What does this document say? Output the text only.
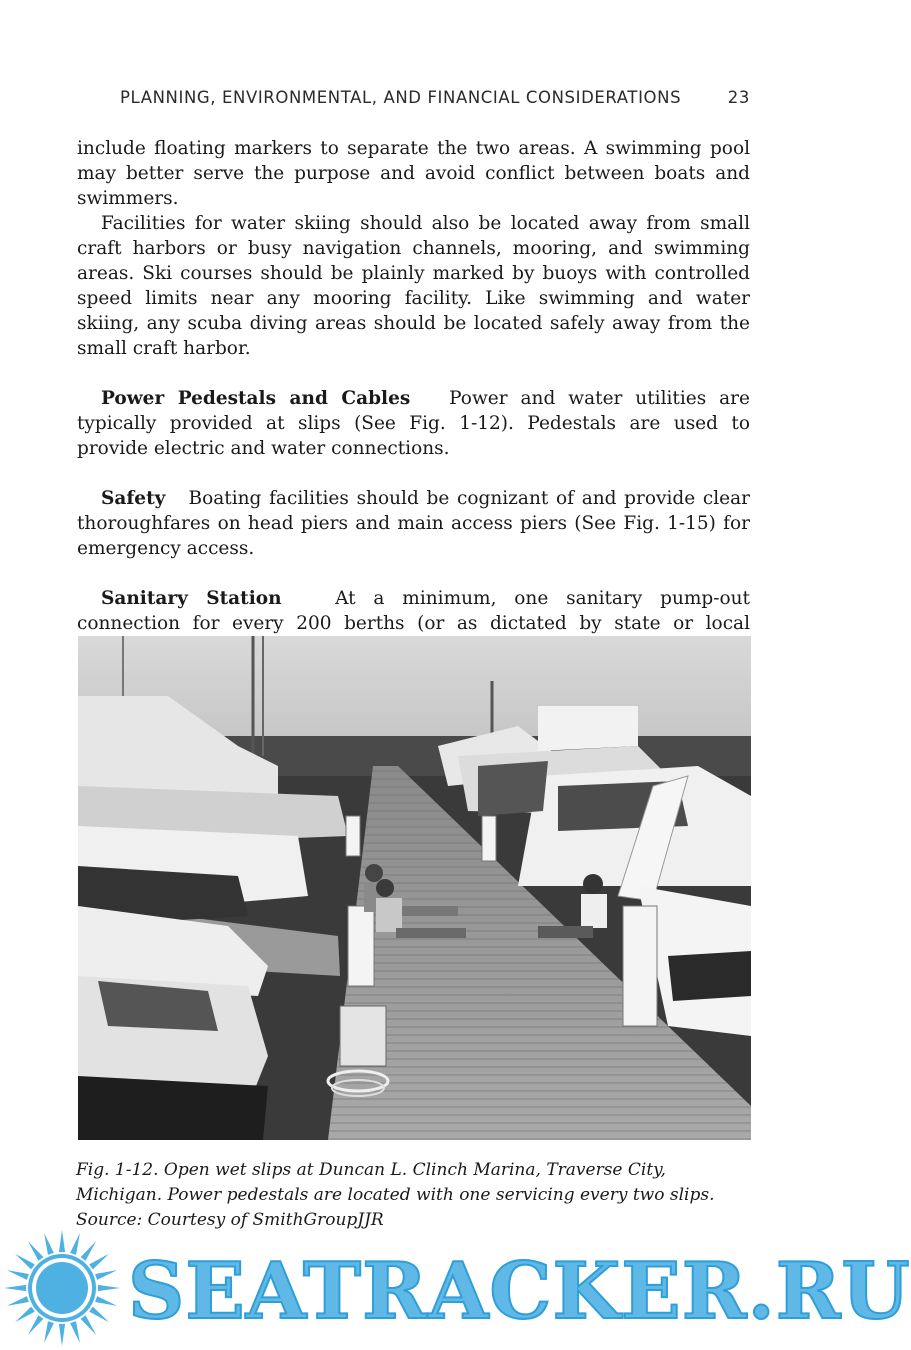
PLANNING, ENVIRONMENTAL, AND FINANCIAL CONSIDERATIONS	23

include floating markers to separate the two areas. A swimming pool may better serve the purpose and avoid conflict between boats and swimmers.

Facilities for water skiing should also be located away from small craft harbors or busy navigation channels, mooring, and swimming areas. Ski courses should be plainly marked by buoys with controlled speed limits near any mooring facility. Like swimming and water skiing, any scuba diving areas should be located safely away from the small craft harbor.

Power Pedestals and Cables Power and water utilities are typically provided at slips (See Fig. 1-12). Pedestals are used to provide electric and water connections.

Safety Boating facilities should be cognizant of and provide clear thoroughfares on head piers and main access piers (See Fig. 1-15) for emergency access.

Sanitary Station	At a minimum, one sanitary pump-out connection for every 200 berths (or as dictated by state or local

Fig. 1-12. Open wet slips at Duncan L. Clinch Marina, Traverse City,
Michigan. Power pedestals are located with one servicing every two slips.
Source: Courtesy of SmithGroupJJR
SEATRACKER.RU
